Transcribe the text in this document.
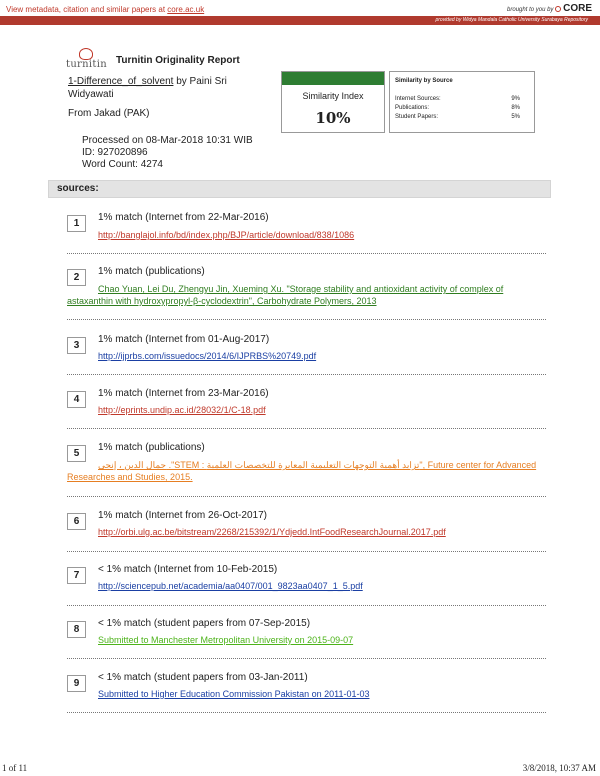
View metadata, citation and similar papers at core.ac.uk	brought to you by CORE
provided by Widya Mandala Catholic University Surabaya Repository
turnitin Turnitin Originality Report
1-Difference_of_solvent by Paini Sri Widyawati
From Jakad (PAK)
Processed on 08-Mar-2018 10:31 WIB
ID: 927020896
Word Count: 4274
Similarity Index
10%
Similarity by Source
Internet Sources:	9%
Publications:	8%
Student Papers:	5%
sources:
1
1% match (Internet from 22-Mar-2016)
http://banglajol.info/bd/index.php/BJP/article/download/838/1086
2
1% match (publications)
Chao Yuan, Lei Du, Zhengyu Jin, Xueming Xu. "Storage stability and antioxidant activity of complex of astaxanthin with hydroxypropyl-β-cyclodextrin", Carbohydrate Polymers, 2013
3
1% match (Internet from 01-Aug-2017)
http://ijprbs.com/issuedocs/2014/6/IJPRBS%20749.pdf
4
1% match (Internet from 23-Mar-2016)
http://eprints.undip.ac.id/28032/1/C-18.pdf
5
1% match (publications)
جمال الدين ، إنجي ."STEM : تزايد أهمية التوجهات التعليمية المعايرة للتخصصات العلمية", Future center for Advanced Researches and Studies, 2015.
6
1% match (Internet from 26-Oct-2017)
http://orbi.ulg.ac.be/bitstream/2268/215392/1/Ydjedd.IntFoodResearchJournal.2017.pdf
7
< 1% match (Internet from 10-Feb-2015)
http://sciencepub.net/academia/aa0407/001_9823aa0407_1_5.pdf
8
< 1% match (student papers from 07-Sep-2015)
Submitted to Manchester Metropolitan University on 2015-09-07
9
< 1% match (student papers from 03-Jan-2011)
Submitted to Higher Education Commission Pakistan on 2011-01-03
1 of 11	3/8/2018, 10:37 AM
